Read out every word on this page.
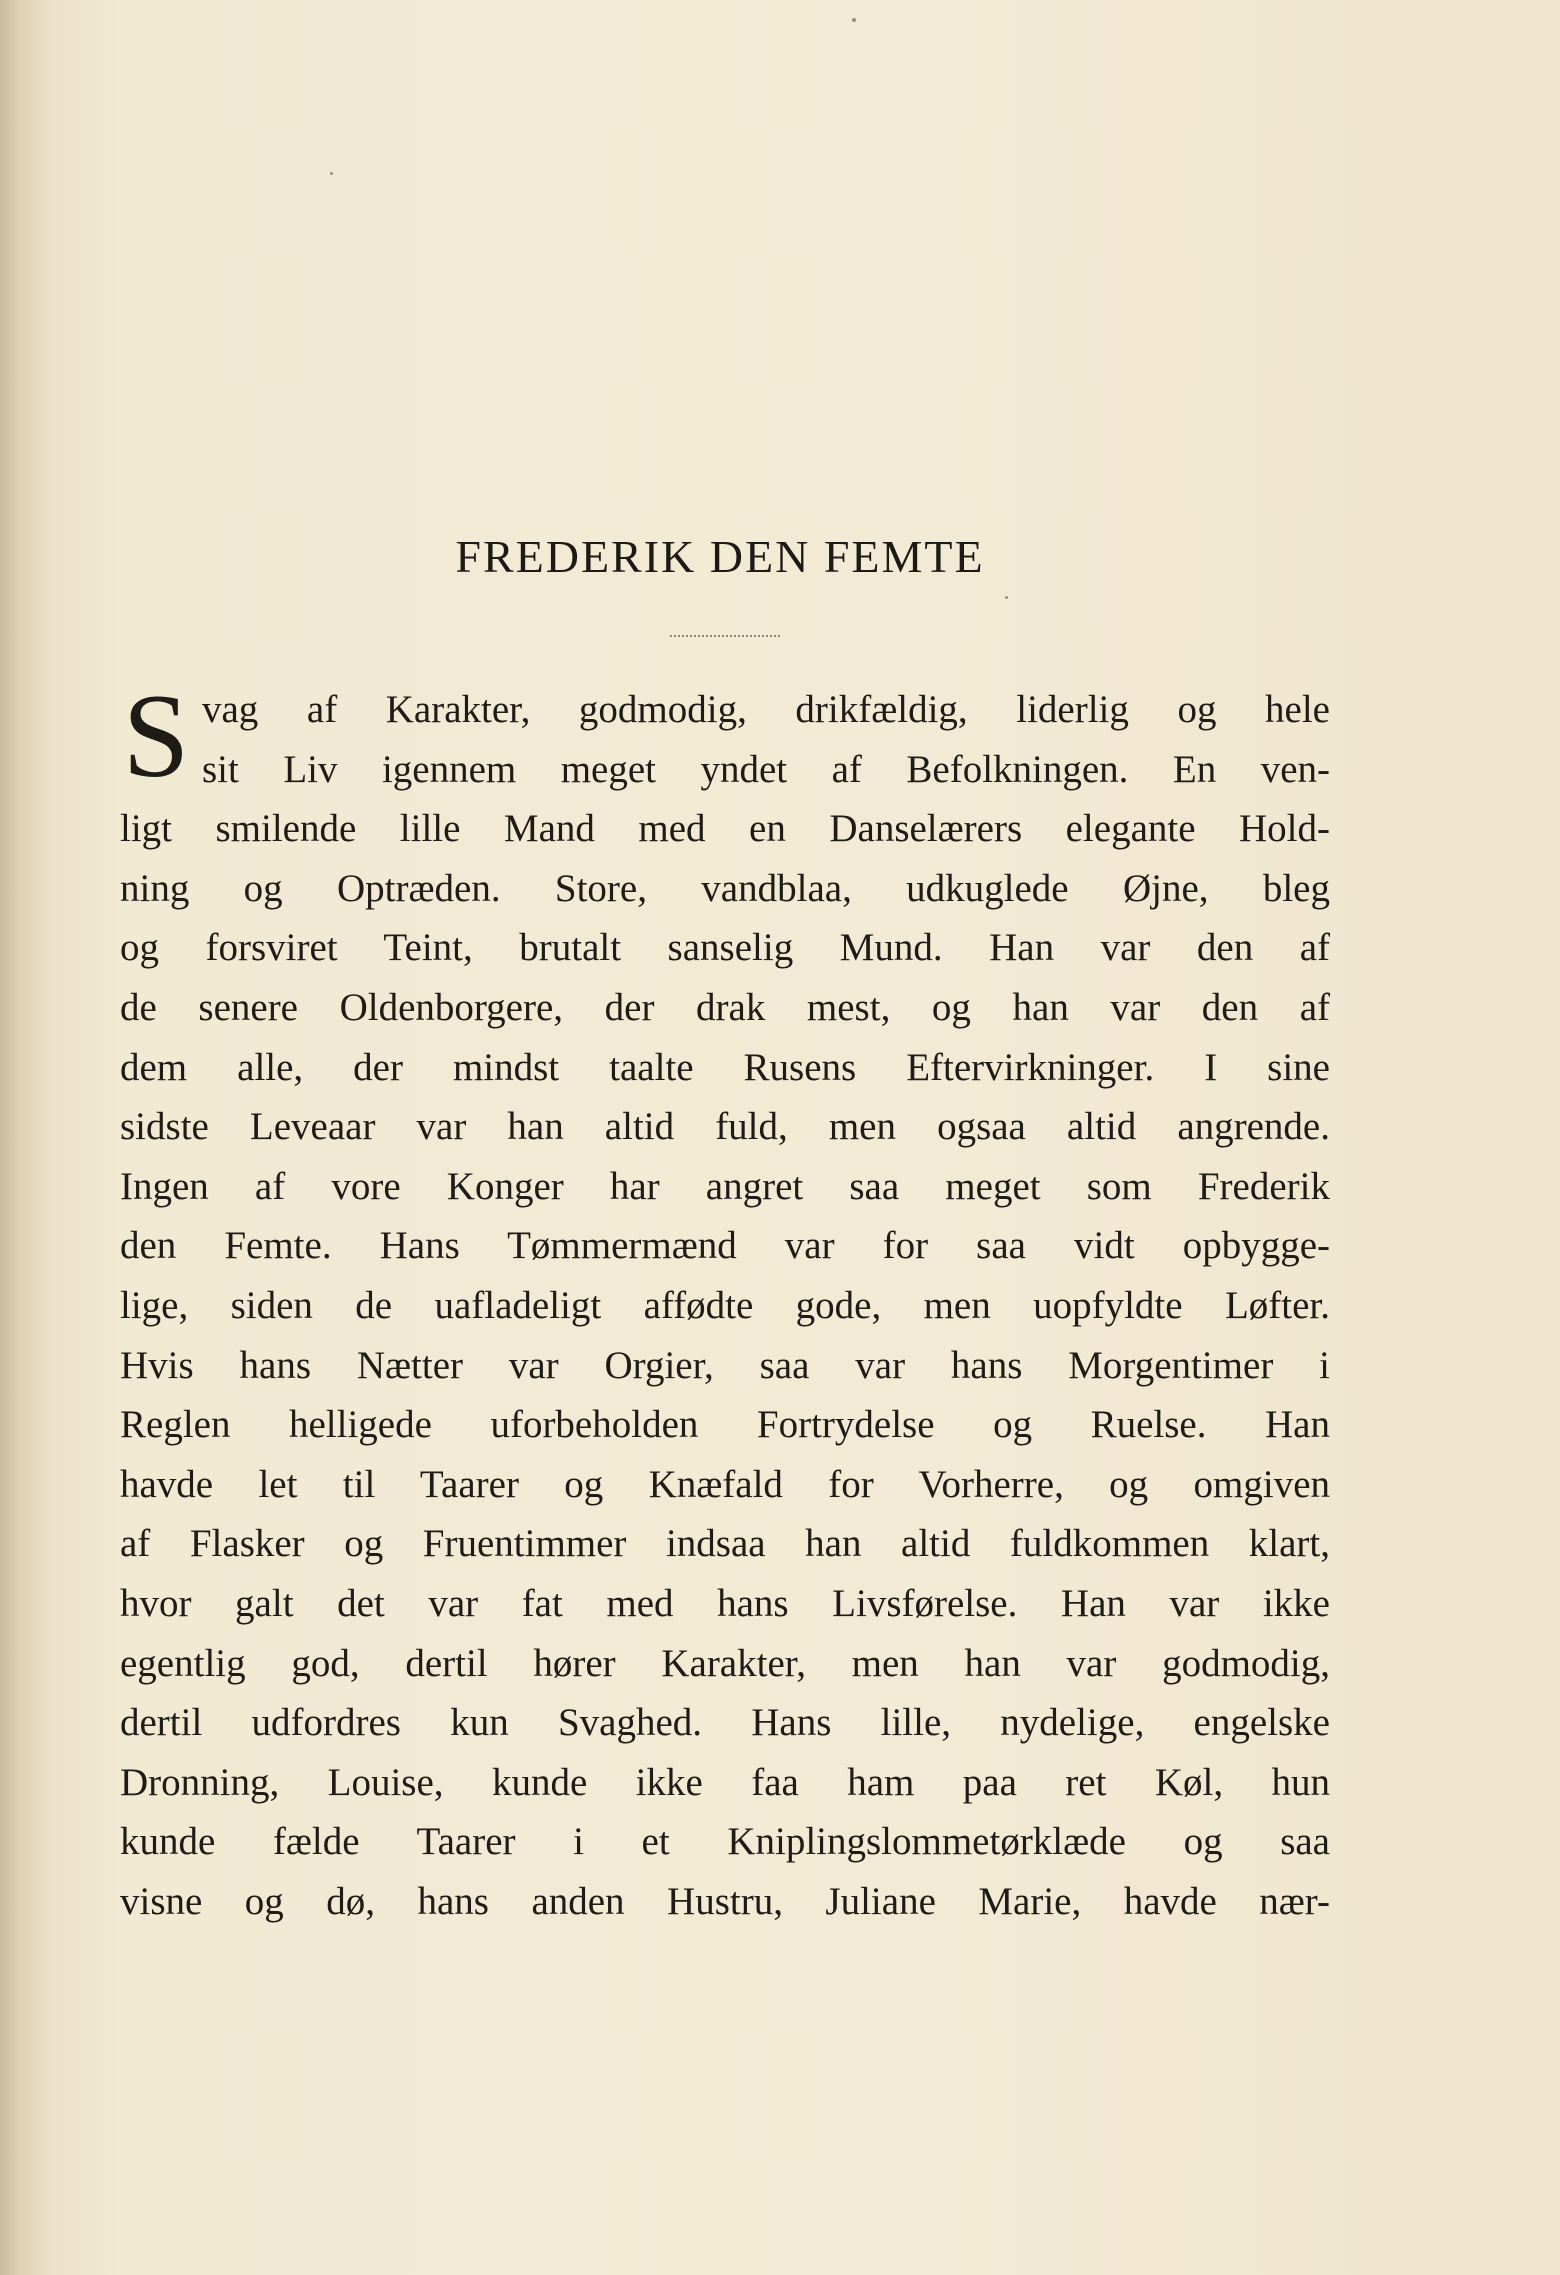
FREDERIK DEN FEMTE
S vag af Karakter, godmodig, drikfældig, liderlig og hele
sit Liv igennem meget yndet af Befolkningen. En ven-
ligt smilende lille Mand med en Danselærers elegante Hold-
ning og Optræden. Store, vandblaa, udkuglede Øjne, bleg
og forsviret Teint, brutalt sanselig Mund. Han var den af
de senere Oldenborgere, der drak mest, og han var den af
dem alle, der mindst taalte Rusens Eftervirkninger. I sine
sidste Leveaar var han altid fuld, men ogsaa altid angrende.
Ingen af vore Konger har angret saa meget som Frederik
den Femte. Hans Tømmermænd var for saa vidt opbygge-
lige, siden de uafladeligt affødte gode, men uopfyldte Løfter.
Hvis hans Nætter var Orgier, saa var hans Morgentimer i
Reglen helligede uforbeholden Fortrydelse og Ruelse. Han
havde let til Taarer og Knæfald for Vorherre, og omgiven
af Flasker og Fruentimmer indsaa han altid fuldkommen klart,
hvor galt det var fat med hans Livsførelse. Han var ikke
egentlig god, dertil hører Karakter, men han var godmodig,
dertil udfordres kun Svaghed. Hans lille, nydelige, engelske
Dronning, Louise, kunde ikke faa ham paa ret Køl, hun
kunde fælde Taarer i et Kniplingslommetørklæde og saa
visne og dø, hans anden Hustru, Juliane Marie, havde nær-
